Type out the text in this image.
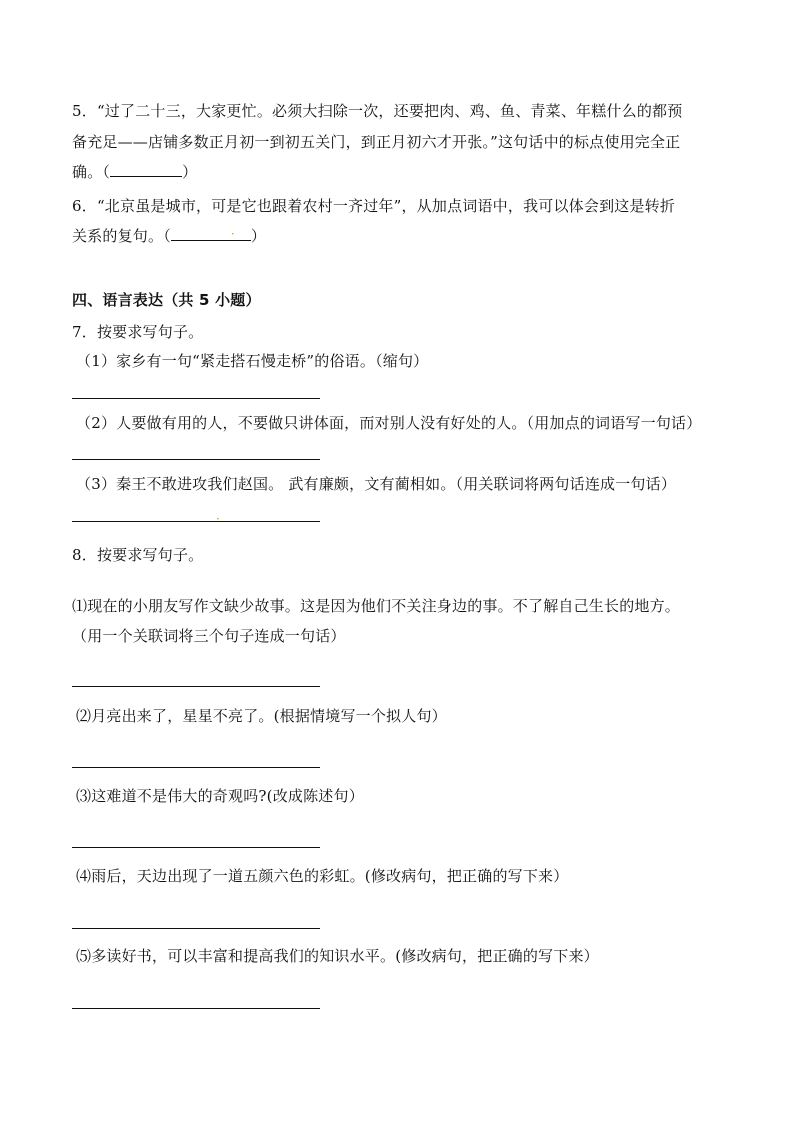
5．“过了二十三，大家更忙。必须大扫除一次，还要把肉、鸡、鱼、青菜、年糕什么的都预
备充足——店铺多数正月初一到初五关门，到正月初六才开张。”这句话中的标点使用完全正
确。（	）
6．“北京虽是城市，可是它也跟着农村一齐过年”，从加点词语中，我可以体会到这是转折
关系的复句。（	· ）
四、语言表达（共 5 小题）
7．按要求写句子。
（1）家乡有一句“紧走搭石慢走桥”的俗语。（缩句）
（2）人要做有用的人，不要做只讲体面，而对别人没有好处的人。（用加点的词语写一句话）
（3）秦王不敢进攻我们赵国。 武有廉颇，文有蔺相如。（用关联词将两句话连成一句话）
·
8．按要求写句子。
⑴现在的小朋友写作文缺少故事。这是因为他们不关注身边的事。不了解自己生长的地方。
（用一个关联词将三个句子连成一句话）
⑵月亮出来了，星星不亮了。(根据情境写一个拟人句）
⑶这难道不是伟大的奇观吗?(改成陈述句）
⑷雨后，天边出现了一道五颜六色的彩虹。(修改病句，把正确的写下来）
⑸多读好书，可以丰富和提高我们的知识水平。(修改病句，把正确的写下来）
